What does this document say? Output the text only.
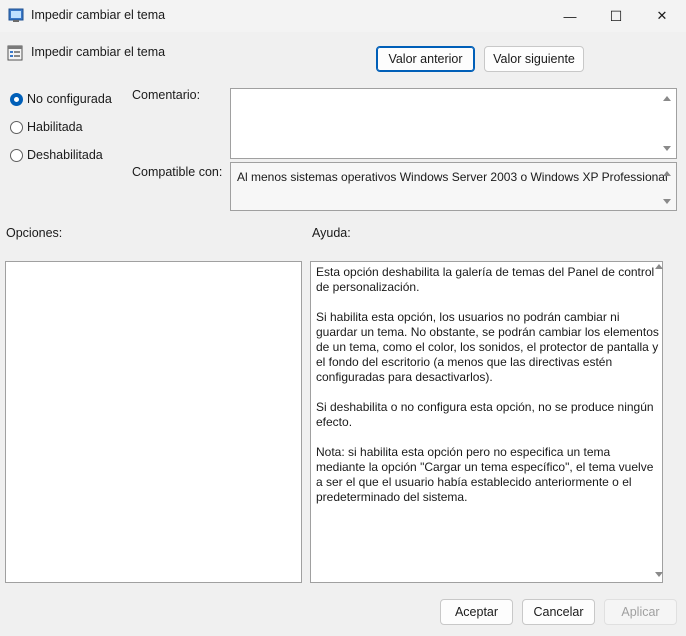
Impedir cambiar el tema	— ☐	✕
Impedir cambiar el tema	Valor anterior	Valor siguiente
No configurada
Habilitada
Deshabilitada
Comentario:
Compatible con: Al menos sistemas operativos Windows Server 2003 o Windows XP Professional
Opciones:	Ayuda:

Esta opción deshabilita la galería de temas del Panel de control de personalización.

Si habilita esta opción, los usuarios no podrán cambiar ni guardar un tema. No obstante, se podrán cambiar los elementos de un tema, como el color, los sonidos, el protector de pantalla y el fondo del escritorio (a menos que las directivas estén configuradas para desactivarlos).

Si deshabilita o no configura esta opción, no se produce ningún efecto.

Nota: si habilita esta opción pero no especifica un tema mediante la opción "Cargar un tema específico", el tema vuelve a ser el que el usuario había establecido anteriormente o el predeterminado del sistema.

Aceptar	Cancelar	Aplicar
